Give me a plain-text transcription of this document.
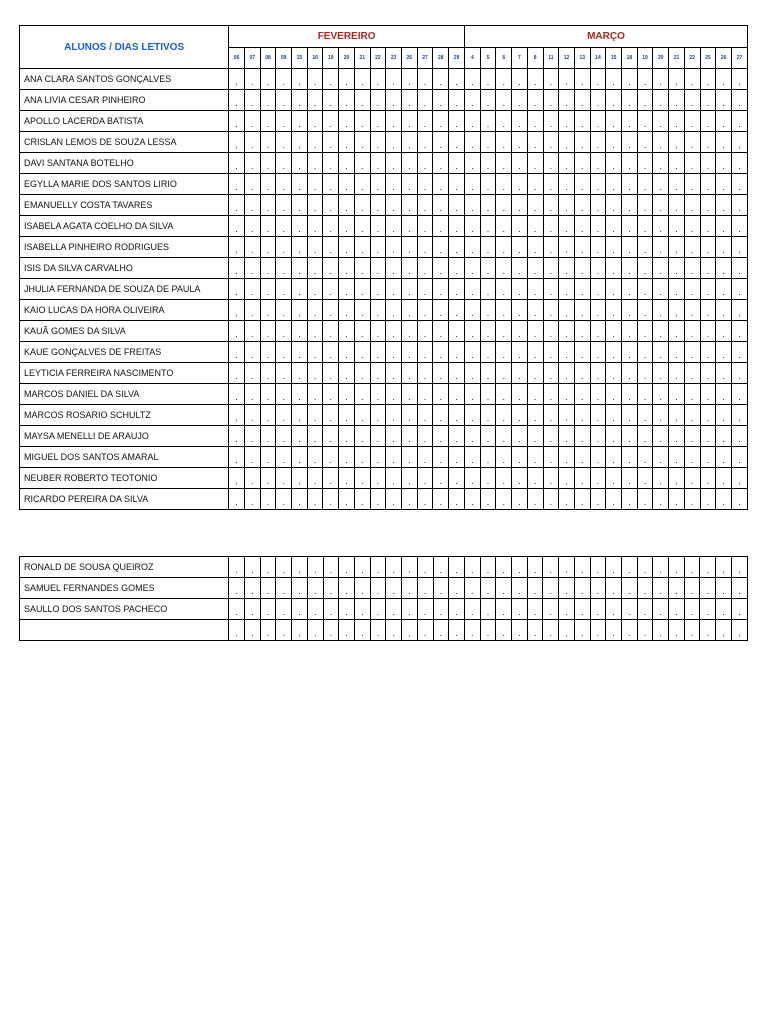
ALUNOS / DIAS LETIVOS	FEVEREIRO															MARÇO																	
	06	07	08	09	15	16	19	20	21	22	23	26	27	28	29	4	5	6	7	8	11	12	13	14	15	18	19	20	21	22	25	26	27
ANA CLARA SANTOS GONÇALVES	.	.	.	.	.	.	.	.	.	.	.	.	.	.	.	.	.	.	.	.	.	.	.	.	.	.	.	.	.	.	.	.	.
ANA LIVIA CESAR PINHEIRO	.	.	.	.	.	.	.	.	.	.	.	.	.	.	.	.	.	.	.	.	.	.	.	.	.	.	.	.	.	.	.	.	.
APOLLO LACERDA BATISTA	.	.	.	.	.	.	.	.	.	.	.	.	.	.	.	.	.	.	.	.	.	.	.	.	.	.	.	.	.	.	.	.	.
CRISLAN LEMOS DE SOUZA LESSA	.	.	.	.	.	.	.	.	.	.	.	.	.	.	.	.	.	.	.	.	.	.	.	.	.	.	.	.	.	.	.	.	.
DAVI SANTANA BOTELHO	.	.	.	.	.	.	.	.	.	.	.	.	.	.	.	.	.	.	.	.	.	.	.	.	.	.	.	.	.	.	.	.	.
EGYLLA MARIE DOS SANTOS LIRIO	.	.	.	.	.	.	.	.	.	.	.	.	.	.	.	.	.	.	.	.	.	.	.	.	.	.	.	.	.	.	.	.	.
EMANUELLY COSTA TAVARES	.	.	.	.	.	.	.	.	.	.	.	.	.	.	.	.	.	.	.	.	.	.	.	.	.	.	.	.	.	.	.	.	.
ISABELA AGATA COELHO DA SILVA	.	.	.	.	.	.	.	.	.	.	.	.	.	.	.	.	.	.	.	.	.	.	.	.	.	.	.	.	.	.	.	.	.
ISABELLA PINHEIRO RODRIGUES	.	.	.	.	.	.	.	.	.	.	.	.	.	.	.	.	.	.	.	.	.	.	.	.	.	.	.	.	.	.	.	.	.
ISIS DA SILVA CARVALHO	.	.	.	.	.	.	.	.	.	.	.	.	.	.	.	.	.	.	.	.	.	.	.	.	.	.	.	.	.	.	.	.	.
JHULIA FERNANDA DE SOUZA DE PAULA	.	.	.	.	.	.	.	.	.	.	.	.	.	.	.	.	.	.	.	.	.	.	.	.	.	.	.	.	.	.	.	.	.
KAIO LUCAS DA HORA OLIVEIRA	.	.	.	.	.	.	.	.	.	.	.	.	.	.	.	.	.	.	.	.	.	.	.	.	.	.	.	.	.	.	.	.	.
KAUÃ GOMES DA SILVA	.	.	.	.	.	.	.	.	.	.	.	.	.	.	.	.	.	.	.	.	.	.	.	.	.	.	.	.	.	.	.	.	.
KAUE GONÇALVES DE FREITAS	.	.	.	.	.	.	.	.	.	.	.	.	.	.	.	.	.	.	.	.	.	.	.	.	.	.	.	.	.	.	.	.	.
LEYTICIA FERREIRA NASCIMENTO	.	.	.	.	.	.	.	.	.	.	.	.	.	.	.	.	.	.	.	.	.	.	.	.	.	.	.	.	.	.	.	.	.
MARCOS DANIEL DA SILVA	.	.	.	.	.	.	.	.	.	.	.	.	.	.	.	.	.	.	.	.	.	.	.	.	.	.	.	.	.	.	.	.	.
MARCOS ROSARIO SCHULTZ	.	.	.	.	.	.	.	.	.	.	.	.	.	.	.	.	.	.	.	.	.	.	.	.	.	.	.	.	.	.	.	.	.
MAYSA MENELLI DE ARAUJO	.	.	.	.	.	.	.	.	.	.	.	.	.	.	.	.	.	.	.	.	.	.	.	.	.	.	.	.	.	.	.	.	.
MIGUEL DOS SANTOS AMARAL	.	.	.	.	.	.	.	.	.	.	.	.	.	.	.	.	.	.	.	.	.	.	.	.	.	.	.	.	.	.	.	.	.
NEUBER ROBERTO TEOTONIO	.	.	.	.	.	.	.	.	.	.	.	.	.	.	.	.	.	.	.	.	.	.	.	.	.	.	.	.	.	.	.	.	.
RICARDO PEREIRA DA SILVA	.	.	.	.	.	.	.	.	.	.	.	.	.	.	.	.	.	.	.	.	.	.	.	.	.	.	.	.	.	.	.	.	.
RONALD DE SOUSA QUEIROZ	.	.	.	.	.	.	.	.	.	.	.	.	.	.	.	.	.	.	.	.	.	.	.	.	.	.	.	.	.	.	.	.	.
SAMUEL FERNANDES GOMES	.	.	.	.	.	.	.	.	.	.	.	.	.	.	.	.	.	.	.	.	.	.	.	.	.	.	.	.	.	.	.	.	.
SAULLO DOS SANTOS PACHECO	.	.	.	.	.	.	.	.	.	.	.	.	.	.	.	.	.	.	.	.	.	.	.	.	.	.	.	.	.	.	.	.	.
	.	.	.	.	.	.	.	.	.	.	.	.	.	.	.	.	.	.	.	.	.	.	.	.	.	.	.	.	.	.	.	.	.
